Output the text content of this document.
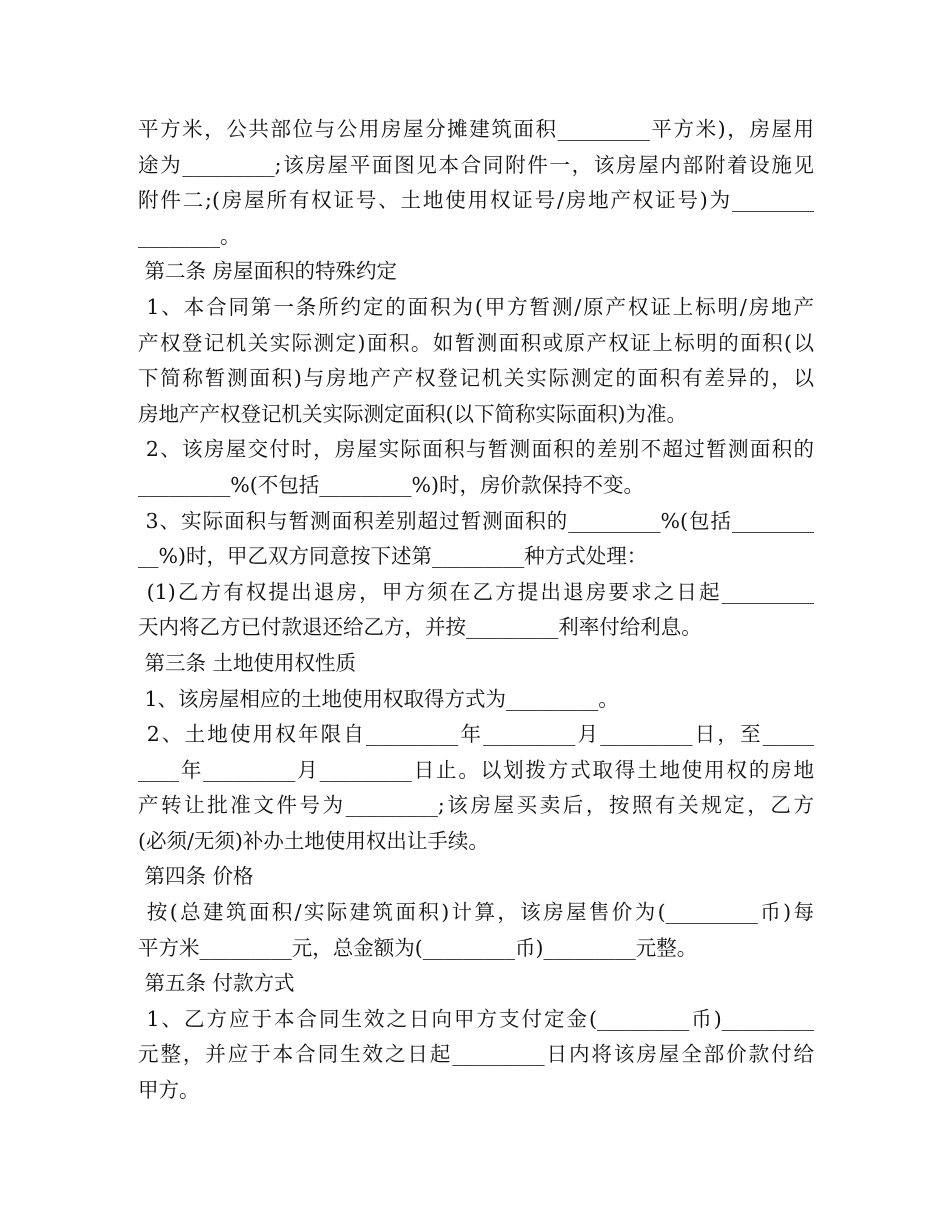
平方米，公共部位与公用房屋分摊建筑面积_________平方米)，房屋用
途为_________;该房屋平面图见本合同附件一，该房屋内部附着设施见
附件二;(房屋所有权证号、土地使用权证号/房地产权证号)为________
________。
第二条 房屋面积的特殊约定
1、本合同第一条所约定的面积为(甲方暂测/原产权证上标明/房地产
产权登记机关实际测定)面积。如暂测面积或原产权证上标明的面积(以
下简称暂测面积)与房地产产权登记机关实际测定的面积有差异的，以
房地产产权登记机关实际测定面积(以下简称实际面积)为准。
2、该房屋交付时，房屋实际面积与暂测面积的差别不超过暂测面积的
_________%(不包括_________%)时，房价款保持不变。
3、实际面积与暂测面积差别超过暂测面积的_________%(包括________
__%)时，甲乙双方同意按下述第_________种方式处理：
(1)乙方有权提出退房，甲方须在乙方提出退房要求之日起_________
天内将乙方已付款退还给乙方，并按_________利率付给利息。
第三条 土地使用权性质
1、该房屋相应的土地使用权取得方式为_________。
2、土地使用权年限自_________年_________月_________日，至_____
____年_________月_________日止。以划拨方式取得土地使用权的房地
产转让批准文件号为_________;该房屋买卖后，按照有关规定，乙方
(必须/无须)补办土地使用权出让手续。
第四条 价格
按(总建筑面积/实际建筑面积)计算，该房屋售价为(_________币)每
平方米_________元，总金额为(_________币)_________元整。
第五条 付款方式
1、乙方应于本合同生效之日向甲方支付定金(_________币)_________
元整，并应于本合同生效之日起_________日内将该房屋全部价款付给
甲方。
